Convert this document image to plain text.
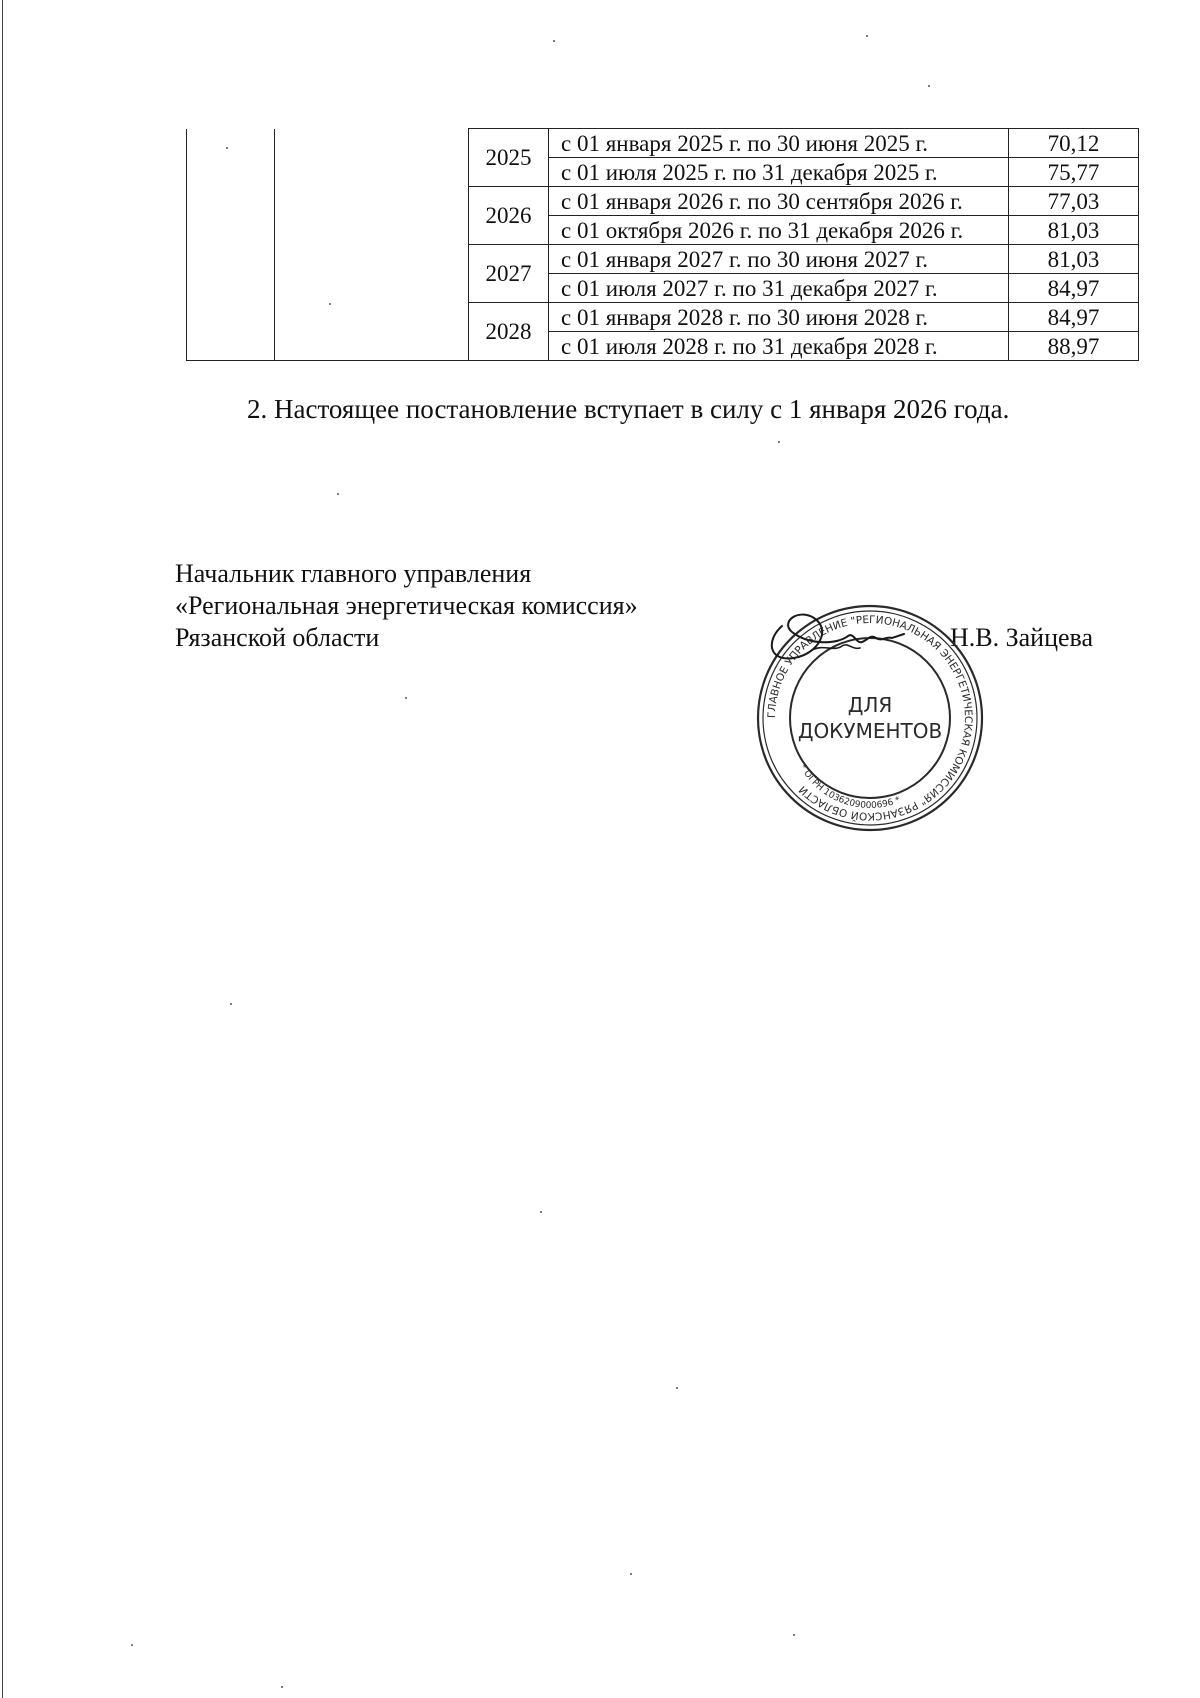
		2025	с 01 января 2025 г. по 30 июня 2025 г.	70,12
			с 01 июля 2025 г. по 31 декабря 2025 г.	75,77
		2026	с 01 января 2026 г. по 30 сентября 2026 г.	77,03
			с 01 октября 2026 г. по 31 декабря 2026 г.	81,03
		2027	с 01 января 2027 г. по 30 июня 2027 г.	81,03
			с 01 июля 2027 г. по 31 декабря 2027 г.	84,97
		2028	с 01 января 2028 г. по 30 июня 2028 г.	84,97
			с 01 июля 2028 г. по 31 декабря 2028 г.	88,97
2. Настоящее постановление вступает в силу с 1 января 2026 года.
Начальник главного управления
«Региональная энергетическая комиссия»
Рязанской области	Н.В. Зайцева
ГЛАВНОЕ УПРАВЛЕНИЕ "РЕГИОНАЛЬНАЯ ЭНЕРГЕТИЧЕСКАЯ КОМИССИЯ" РЯЗАНСКОЙ ОБЛАСТИ
* ОГРН 1036209000696 *
ДЛЯ
ДОКУМЕНТОВ
